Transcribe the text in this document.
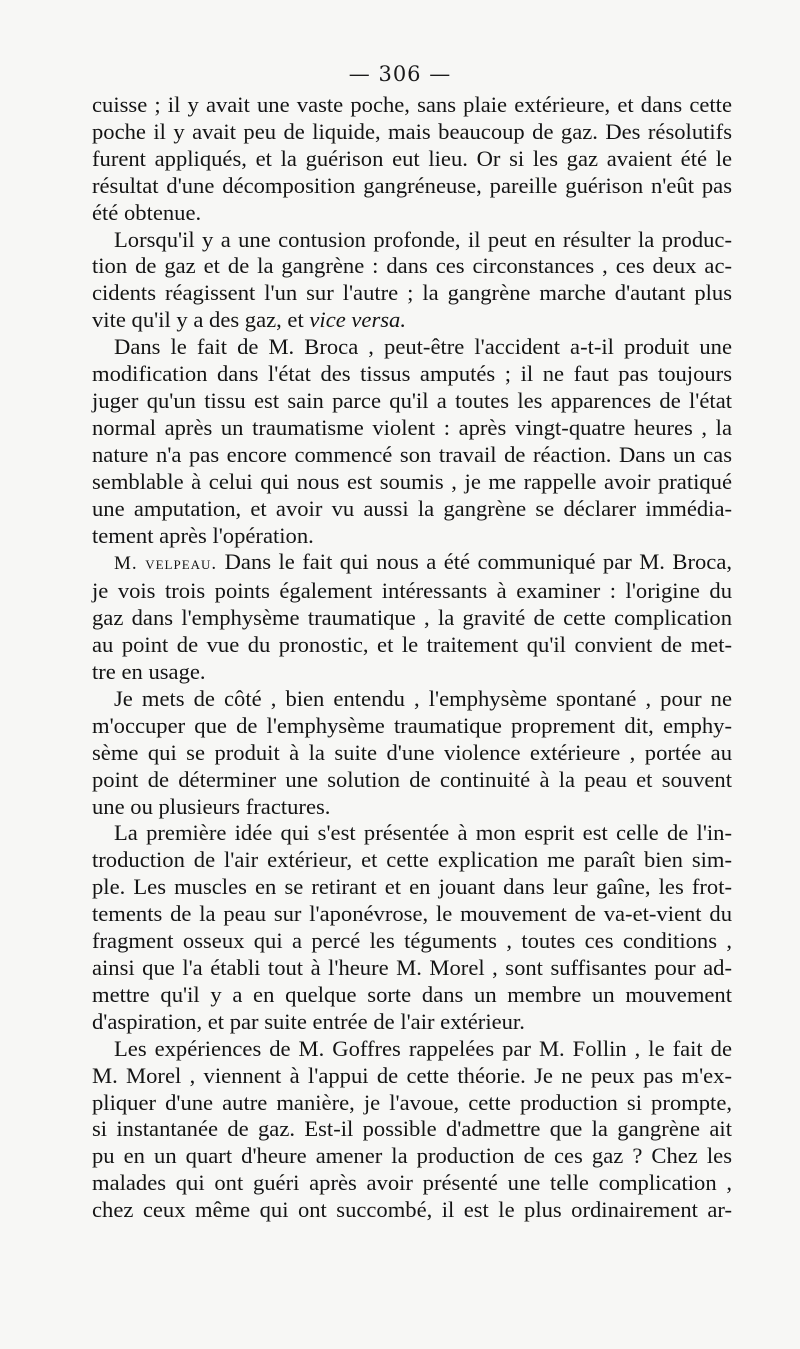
— 306 —
cuisse ; il y avait une vaste poche, sans plaie extérieure, et dans cette
poche il y avait peu de liquide, mais beaucoup de gaz. Des résolutifs
furent appliqués, et la guérison eut lieu. Or si les gaz avaient été le
résultat d'une décomposition gangréneuse, pareille guérison n'eût pas
été obtenue.
Lorsqu'il y a une contusion profonde, il peut en résulter la produc-
tion de gaz et de la gangrène : dans ces circonstances , ces deux ac-
cidents réagissent l'un sur l'autre ; la gangrène marche d'autant plus
vite qu'il y a des gaz, et vice versa.
Dans le fait de M. Broca , peut-être l'accident a-t-il produit une
modification dans l'état des tissus amputés ; il ne faut pas toujours
juger qu'un tissu est sain parce qu'il a toutes les apparences de l'état
normal après un traumatisme violent : après vingt-quatre heures , la
nature n'a pas encore commencé son travail de réaction. Dans un cas
semblable à celui qui nous est soumis , je me rappelle avoir pratiqué
une amputation, et avoir vu aussi la gangrène se déclarer immédia-
tement après l'opération.
M. velpeau. Dans le fait qui nous a été communiqué par M. Broca,
je vois trois points également intéressants à examiner : l'origine du
gaz dans l'emphysème traumatique , la gravité de cette complication
au point de vue du pronostic, et le traitement qu'il convient de met-
tre en usage.
Je mets de côté , bien entendu , l'emphysème spontané , pour ne
m'occuper que de l'emphysème traumatique proprement dit, emphy-
sème qui se produit à la suite d'une violence extérieure , portée au
point de déterminer une solution de continuité à la peau et souvent
une ou plusieurs fractures.
La première idée qui s'est présentée à mon esprit est celle de l'in-
troduction de l'air extérieur, et cette explication me paraît bien sim-
ple. Les muscles en se retirant et en jouant dans leur gaîne, les frot-
tements de la peau sur l'aponévrose, le mouvement de va-et-vient du
fragment osseux qui a percé les téguments , toutes ces conditions ,
ainsi que l'a établi tout à l'heure M. Morel , sont suffisantes pour ad-
mettre qu'il y a en quelque sorte dans un membre un mouvement
d'aspiration, et par suite entrée de l'air extérieur.
Les expériences de M. Goffres rappelées par M. Follin , le fait de
M. Morel , viennent à l'appui de cette théorie. Je ne peux pas m'ex-
pliquer d'une autre manière, je l'avoue, cette production si prompte,
si instantanée de gaz. Est-il possible d'admettre que la gangrène ait
pu en un quart d'heure amener la production de ces gaz ? Chez les
malades qui ont guéri après avoir présenté une telle complication ,
chez ceux même qui ont succombé, il est le plus ordinairement ar-
